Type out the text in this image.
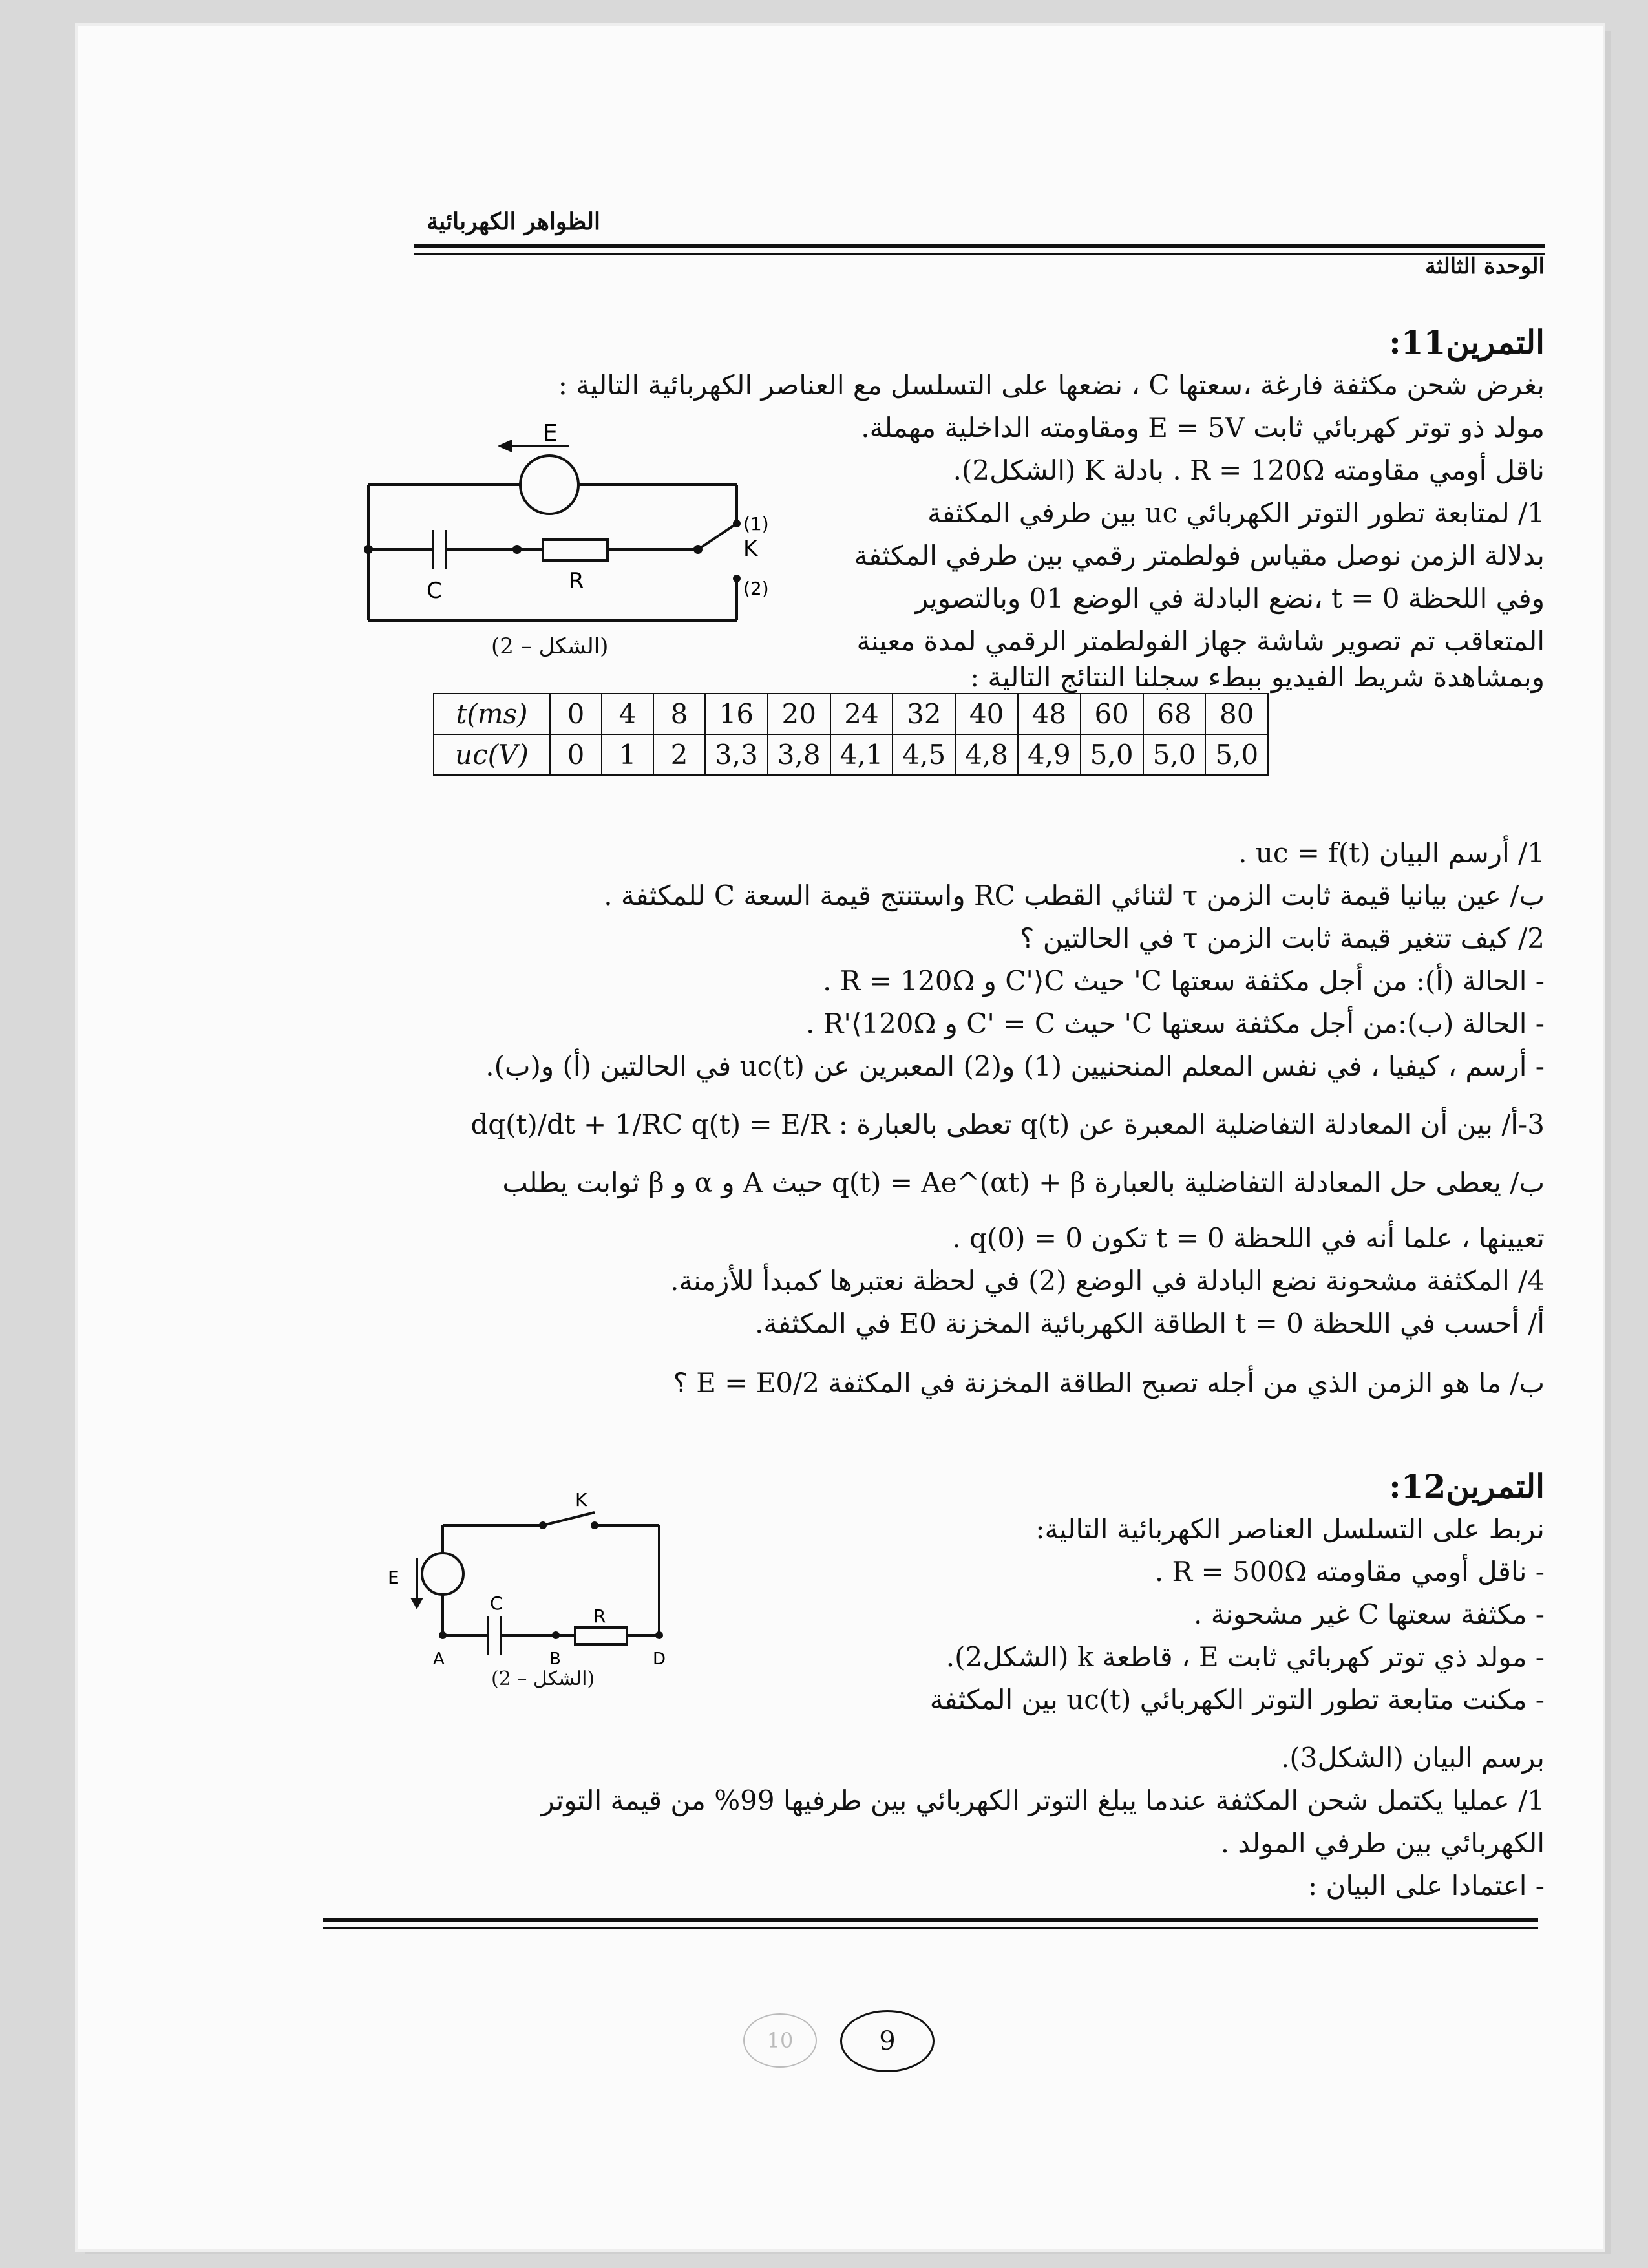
الظواهر الكهربائية
الوحدة الثالثة
التمرين11:
بغرض شحن مكثفة فارغة ،سعتها C ، نضعها على التسلسل مع العناصر الكهربائية التالية :
مولد ذو توتر كهربائي ثابت E = 5V ومقاومته الداخلية مهملة.
ناقل أومي مقاومته R = 120Ω . بادلة K (الشكل2).
1/ لمتابعة تطور التوتر الكهربائي uc بين طرفي المكثفة
بدلالة الزمن نوصل مقياس فولطمتر رقمي بين طرفي المكثفة
وفي اللحظة t = 0 ،نضع البادلة في الوضع 01 وبالتصوير
المتعاقب تم تصوير شاشة جهاز الفولطمتر الرقمي لمدة معينة
وبمشاهدة شريط الفيديو ببطء سجلنا النتائج التالية :
E
C	R
K
(1)
(2)
(الشكل – 2)
t(ms)	0	4	8	16	20	24	32	40	48	60	68	80
uc(V)	0	1	2	3,3	3,8	4,1	4,5	4,8	4,9	5,0	5,0	5,0
1/ أرسم البيان uc = f(t) .
ب/ عين بيانيا قيمة ثابت الزمن τ لثنائي القطب RC واستنتج قيمة السعة C للمكثفة .
2/ كيف تتغير قيمة ثابت الزمن τ في الحالتين ؟
- الحالة (أ): من أجل مكثفة سعتها C' حيث C'⟩C و R = 120Ω .
- الحالة (ب):من أجل مكثفة سعتها C' حيث C' = C و R'⟨120Ω .
- أرسم ، كيفيا ، في نفس المعلم المنحنيين (1) و(2) المعبرين عن uc(t) في الحالتين (أ) و(ب).
3-أ/ بين أن المعادلة التفاضلية المعبرة عن q(t) تعطى بالعبارة : dq(t)/dt + 1/RC q(t) = E/R
ب/ يعطى حل المعادلة التفاضلية بالعبارة q(t) = Ae^(αt) + β حيث A و α و β ثوابت يطلب
تعيينها ، علما أنه في اللحظة t = 0 تكون q(0) = 0 .
4/ المكثفة مشحونة نضع البادلة في الوضع (2) في لحظة نعتبرها كمبدأ للأزمنة.
أ/ أحسب في اللحظة t = 0 الطاقة الكهربائية المخزنة E0 في المكثفة.
ب/ ما هو الزمن الذي من أجله تصبح الطاقة المخزنة في المكثفة E = E0/2 ؟
التمرين12:
نربط على التسلسل العناصر الكهربائية التالية:
- ناقل أومي مقاومته R = 500Ω .
- مكثفة سعتها C غير مشحونة .
- مولد ذي توتر كهربائي ثابت E ، قاطعة k (الشكل2).
- مكنت متابعة تطور التوتر الكهربائي uc(t) بين المكثفة
برسم البيان (الشكل3).
1/ عمليا يكتمل شحن المكثفة عندما يبلغ التوتر الكهربائي بين طرفيها 99% من قيمة التوتر
الكهربائي بين طرفي المولد .
- اعتمادا على البيان :
K
E
C
R
A	B	D
(الشكل – 2)
10	9
